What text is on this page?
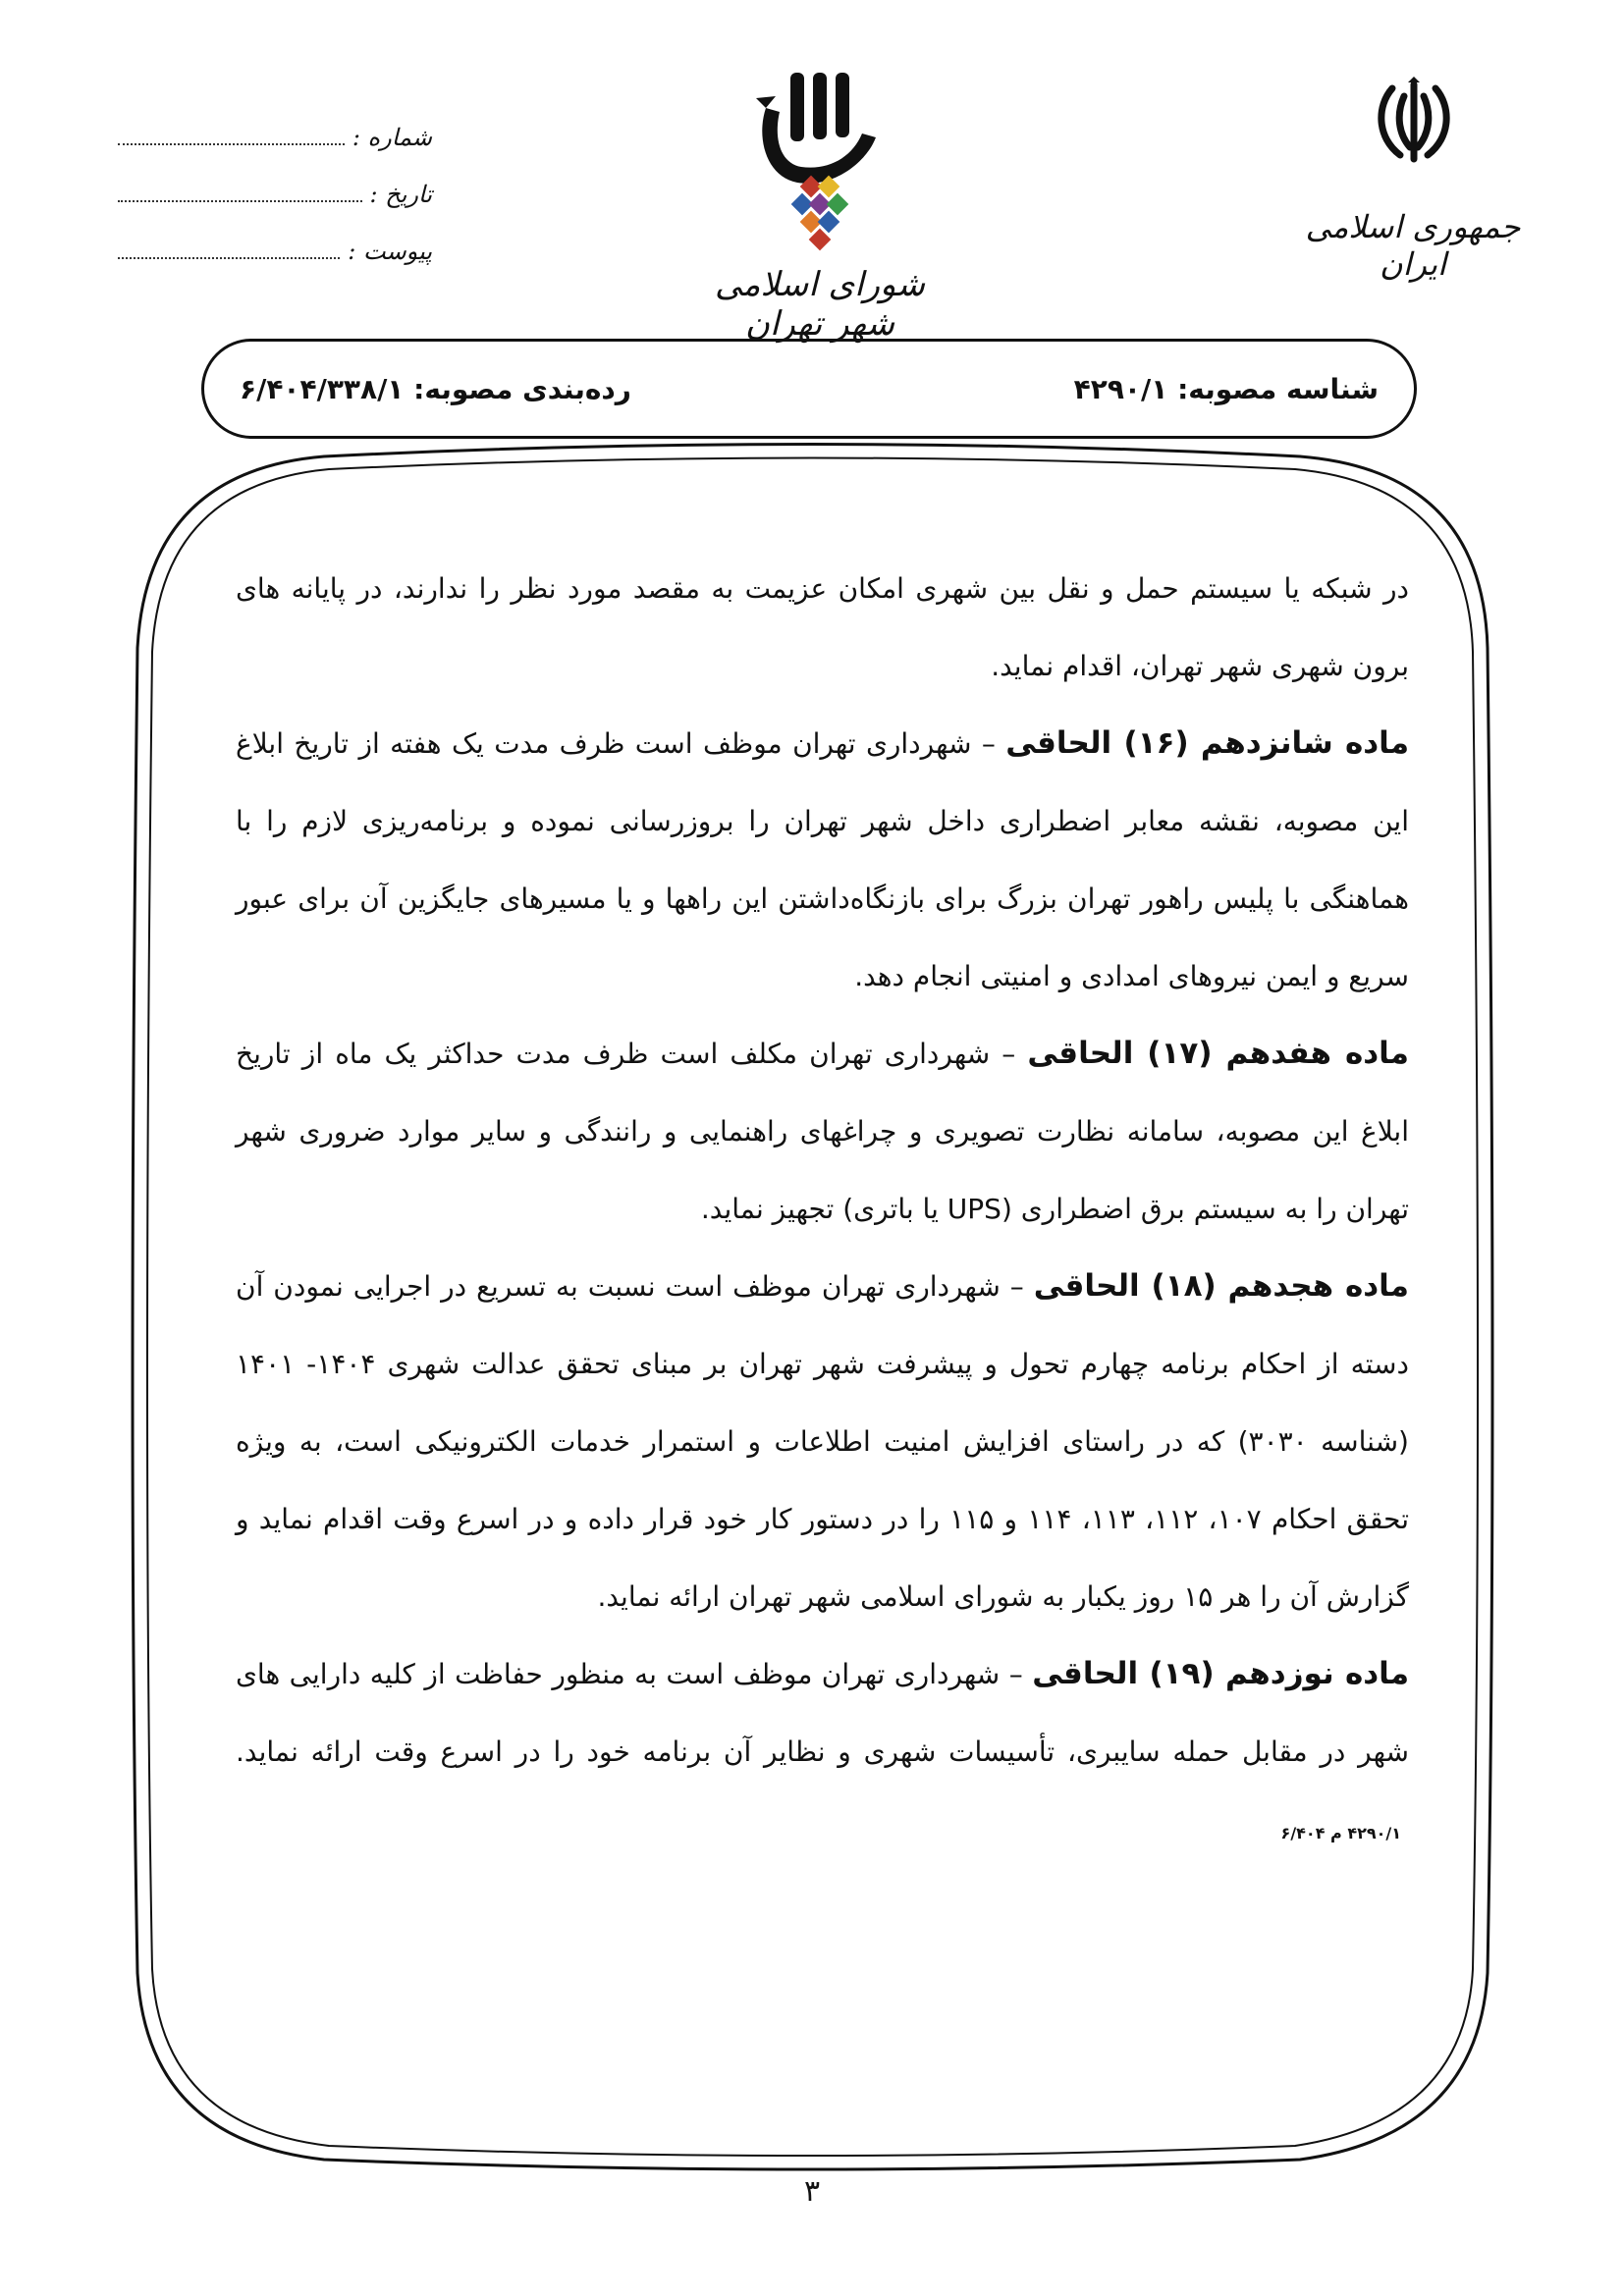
جمهوری اسلامی ایران
شورای اسلامی شهر تهران
شماره :
تاریخ :
پیوست :
شناسه مصوبه: ۴۲۹۰/۱
رده‌بندی مصوبه: ۶/۴۰۴/۳۳۸/۱

در شبکه یا سیستم حمل و نقل بین شهری امکان عزیمت به مقصد مورد نظر را ندارند، در پایانه های برون شهری شهر تهران، اقدام نماید.

ماده شانزدهم (۱۶) الحاقی – شهرداری تهران موظف است ظرف مدت یک هفته از تاریخ ابلاغ این مصوبه، نقشه معابر اضطراری داخل شهر تهران را بروزرسانی نموده و برنامه‌ریزی لازم را با هماهنگی با پلیس راهور تهران بزرگ برای بازنگاه‌داشتن این راهها و یا مسیرهای جایگزین آن برای عبور سریع و ایمن نیروهای امدادی و امنیتی انجام دهد.

ماده هفدهم (۱۷) الحاقی – شهرداری تهران مکلف است ظرف مدت حداکثر یک ماه از تاریخ ابلاغ این مصوبه، سامانه نظارت تصویری و چراغهای راهنمایی و رانندگی و سایر موارد ضروری شهر تهران را به سیستم برق اضطراری (UPS یا باتری) تجهیز نماید.

ماده هجدهم (۱۸) الحاقی – شهرداری تهران موظف است نسبت به تسریع در اجرایی نمودن آن دسته از احکام برنامه چهارم تحول و پیشرفت شهر تهران بر مبنای تحقق عدالت شهری ۱۴۰۴- ۱۴۰۱ (شناسه ۳۰۳۰) که در راستای افزایش امنیت اطلاعات و استمرار خدمات الکترونیکی است، به ویژه تحقق احکام ۱۰۷، ۱۱۲، ۱۱۳، ۱۱۴ و ۱۱۵ را در دستور کار خود قرار داده و در اسرع وقت اقدام نماید و گزارش آن را هر ۱۵ روز یکبار به شورای اسلامی شهر تهران ارائه نماید.

ماده نوزدهم (۱۹) الحاقی – شهرداری تهران موظف است به منظور حفاظت از کلیه دارایی های شهر در مقابل حمله سایبری، تأسیسات شهری و نظایر آن برنامه خود را در اسرع وقت ارائه نماید. ۴۲۹۰/۱ م ۶/۴۰۴

۳
